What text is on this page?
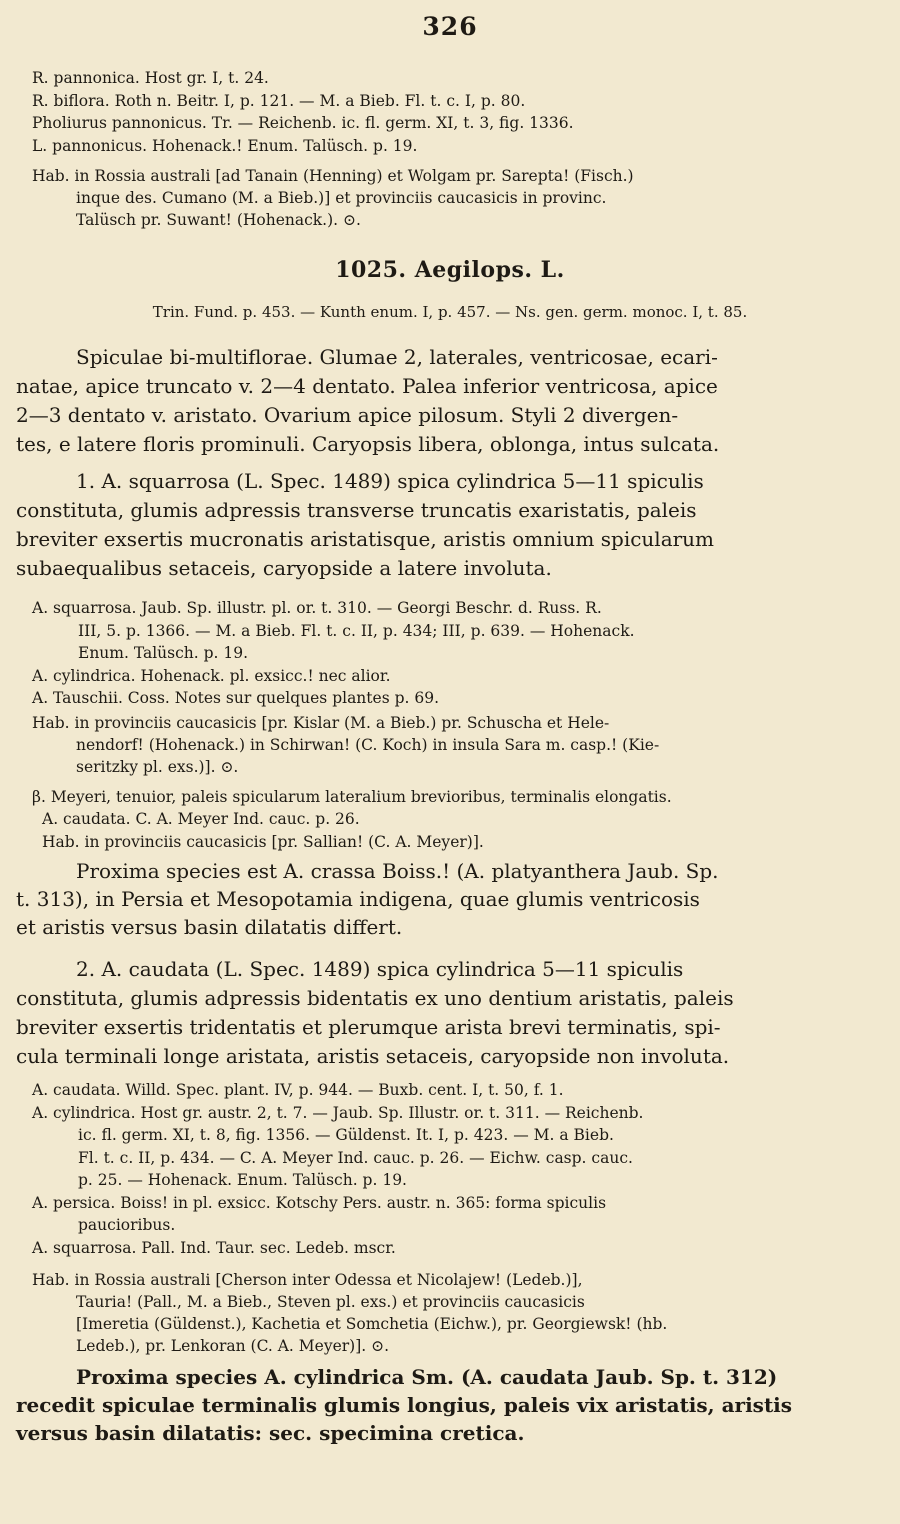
326
R. pannonica. Host gr. I, t. 24.
R. biflora. Roth n. Beitr. I, p. 121. — M. a Bieb. Fl. t. c. I, p. 80.
Pholiurus pannonicus. Tr. — Reichenb. ic. fl. germ. XI, t. 3, fig. 1336.
L. pannonicus. Hohenack.! Enum. Talüsch. p. 19.
Hab. in Rossia australi [ad Tanain (Henning) et Wolgam pr. Sarepta! (Fisch.)
inque des. Cumano (M. a Bieb.)] et provinciis caucasicis in provinc.
Talüsch pr. Suwant! (Hohenack.). ⊙.
1025. Aegilops. L.
Trin. Fund. p. 453. — Kunth enum. I, p. 457. — Ns. gen. germ. monoc. I, t. 85.
Spiculae bi-multiflorae. Glumae 2, laterales, ventricosae, ecari-
natae, apice truncato v. 2—4 dentato. Palea inferior ventricosa, apice
2—3 dentato v. aristato. Ovarium apice pilosum. Styli 2 divergen-
tes, e latere floris prominuli. Caryopsis libera, oblonga, intus sulcata.
1. A. squarrosa (L. Spec. 1489) spica cylindrica 5—11 spiculis
constituta, glumis adpressis transverse truncatis exaristatis, paleis
breviter exsertis mucronatis aristatisque, aristis omnium spicularum
subaequalibus setaceis, caryopside a latere involuta.
A. squarrosa. Jaub. Sp. illustr. pl. or. t. 310. — Georgi Beschr. d. Russ. R.
III, 5. p. 1366. — M. a Bieb. Fl. t. c. II, p. 434; III, p. 639. — Hohenack.
Enum. Talüsch. p. 19.
A. cylindrica. Hohenack. pl. exsicc.! nec alior.
A. Tauschii. Coss. Notes sur quelques plantes p. 69.
Hab. in provinciis caucasicis [pr. Kislar (M. a Bieb.) pr. Schuscha et Hele-
nendorf! (Hohenack.) in Schirwan! (C. Koch) in insula Sara m. casp.! (Kie-
seritzky pl. exs.)]. ⊙.
β. Meyeri, tenuior, paleis spicularum lateralium brevioribus, terminalis elongatis.
A. caudata. C. A. Meyer Ind. cauc. p. 26.
Hab. in provinciis caucasicis [pr. Sallian! (C. A. Meyer)].
Proxima species est A. crassa Boiss.! (A. platyanthera Jaub. Sp.
t. 313), in Persia et Mesopotamia indigena, quae glumis ventricosis
et aristis versus basin dilatatis differt.
2. A. caudata (L. Spec. 1489) spica cylindrica 5—11 spiculis
constituta, glumis adpressis bidentatis ex uno dentium aristatis, paleis
breviter exsertis tridentatis et plerumque arista brevi terminatis, spi-
cula terminali longe aristata, aristis setaceis, caryopside non involuta.
A. caudata. Willd. Spec. plant. IV, p. 944. — Buxb. cent. I, t. 50, f. 1.
A. cylindrica. Host gr. austr. 2, t. 7. — Jaub. Sp. Illustr. or. t. 311. — Reichenb.
ic. fl. germ. XI, t. 8, fig. 1356. — Güldenst. It. I, p. 423. — M. a Bieb.
Fl. t. c. II, p. 434. — C. A. Meyer Ind. cauc. p. 26. — Eichw. casp. cauc.
p. 25. — Hohenack. Enum. Talüsch. p. 19.
A. persica. Boiss! in pl. exsicc. Kotschy Pers. austr. n. 365: forma spiculis
paucioribus.
A. squarrosa. Pall. Ind. Taur. sec. Ledeb. mscr.
Hab. in Rossia australi [Cherson inter Odessa et Nicolajew! (Ledeb.)],
Tauria! (Pall., M. a Bieb., Steven pl. exs.) et provinciis caucasicis
[Imeretia (Güldenst.), Kachetia et Somchetia (Eichw.), pr. Georgiewsk! (hb.
Ledeb.), pr. Lenkoran (C. A. Meyer)]. ⊙.
Proxima species A. cylindrica Sm. (A. caudata Jaub. Sp. t. 312)
recedit spiculae terminalis glumis longius, paleis vix aristatis, aristis
versus basin dilatatis: sec. specimina cretica.
